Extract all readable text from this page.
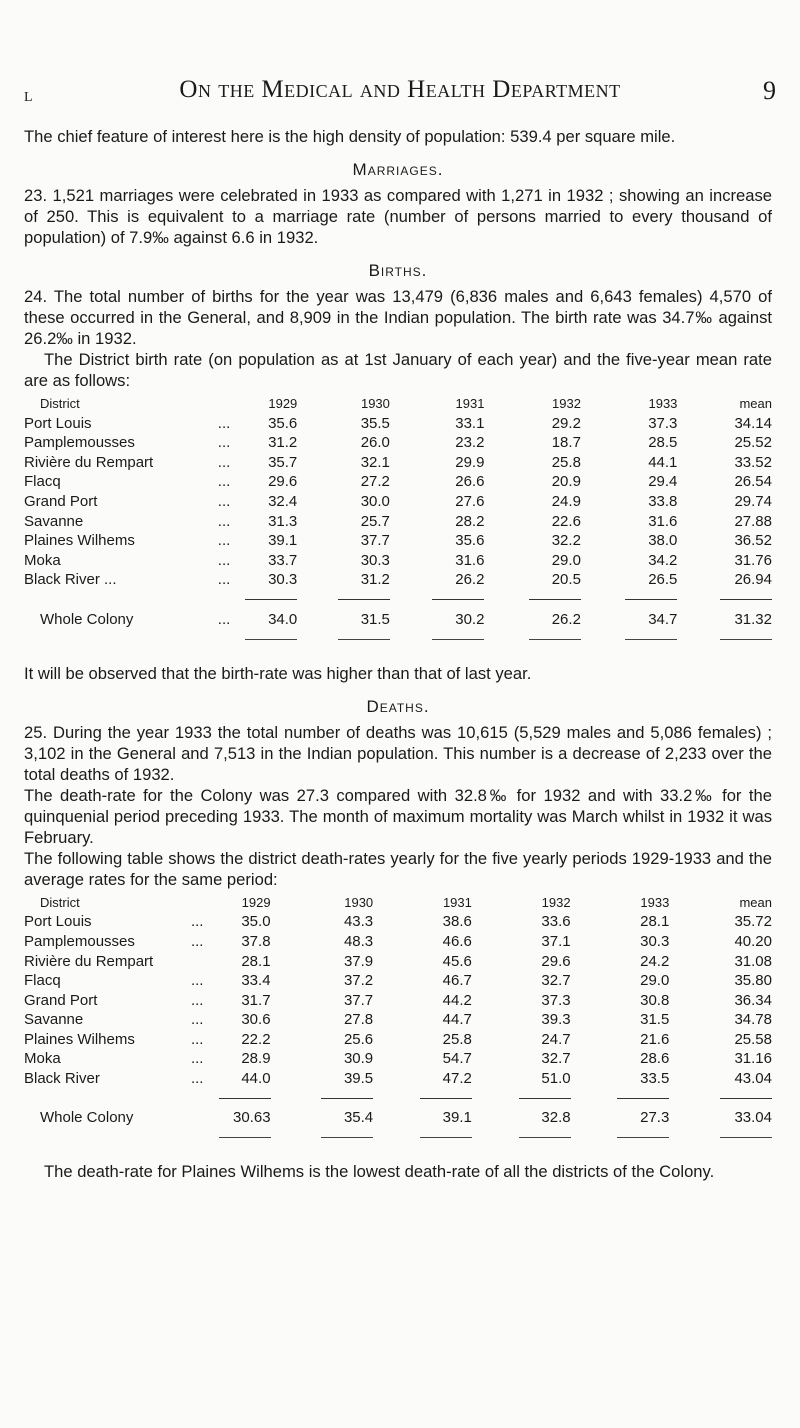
L	On the Medical and Health Department	9

The chief feature of interest here is the high density of population: 539.4 per square mile.

Marriages.

23. 1,521 marriages were celebrated in 1933 as compared with 1,271 in 1932 ; showing an increase of 250. This is equivalent to a marriage rate (number of persons married to every thousand of population) of 7.9‰ against 6.6 in 1932.

Births.

24. The total number of births for the year was 13,479 (6,836 males and 6,643 females) 4,570 of these occurred in the General, and 8,909 in the Indian population. The birth rate was 34.7‰ against 26.2‰ in 1932.

The District birth rate (on population as at 1st January of each year) and the five-year mean rate are as follows:

District		1929	1930	1931	1932	1933	mean
Port Louis	...	35.6	35.5	33.1	29.2	37.3	34.14
Pamplemousses	...	31.2	26.0	23.2	18.7	28.5	25.52
Rivière du Rempart	...	35.7	32.1	29.9	25.8	44.1	33.52
Flacq	...	29.6	27.2	26.6	20.9	29.4	26.54
Grand Port	...	32.4	30.0	27.6	24.9	33.8	29.74
Savanne	...	31.3	25.7	28.2	22.6	31.6	27.88
Plaines Wilhems	...	39.1	37.7	35.6	32.2	38.0	36.52
Moka	...	33.7	30.3	31.6	29.0	34.2	31.76
Black River ...	...	30.3	31.2	26.2	20.5	26.5	26.94

Whole Colony	...	34.0	31.5	30.2	26.2	34.7	31.32

It will be observed that the birth-rate was higher than that of last year.

Deaths.

25. During the year 1933 the total number of deaths was 10,615 (5,529 males and 5,086 females) ; 3,102 in the General and 7,513 in the Indian population. This number is a decrease of 2,233 over the total deaths of 1932.

The death-rate for the Colony was 27.3 compared with 32.8‰ for 1932 and with 33.2‰ for the quinquenial period preceding 1933. The month of maximum mortality was March whilst in 1932 it was February.

The following table shows the district death-rates yearly for the five yearly periods 1929-1933 and the average rates for the same period:

District		1929	1930	1931	1932	1933	mean
Port Louis	...	35.0	43.3	38.6	33.6	28.1	35.72
Pamplemousses	...	37.8	48.3	46.6	37.1	30.3	40.20
Rivière du Rempart		28.1	37.9	45.6	29.6	24.2	31.08
Flacq	...	33.4	37.2	46.7	32.7	29.0	35.80
Grand Port	...	31.7	37.7	44.2	37.3	30.8	36.34
Savanne	...	30.6	27.8	44.7	39.3	31.5	34.78
Plaines Wilhems	...	22.2	25.6	25.8	24.7	21.6	25.58
Moka	...	28.9	30.9	54.7	32.7	28.6	31.16
Black River	...	44.0	39.5	47.2	51.0	33.5	43.04

Whole Colony		30.63	35.4	39.1	32.8	27.3	33.04

The death-rate for Plaines Wilhems is the lowest death-rate of all the districts of the Colony.
